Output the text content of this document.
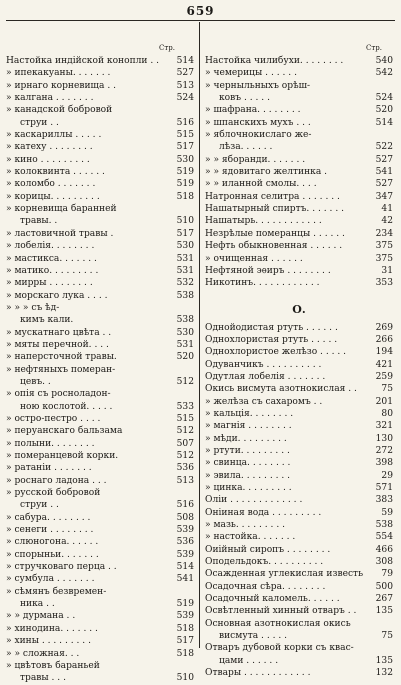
659
Стр.	Стр.
Настойка индійской конопли . .	514
» ипекакуаны. . . . . . .	527
» ирнаго корневища . .	513
» калгана . . . . . . .	524
» канадской бобровой
струи . .	516
» каскариллы . . . . .	515
» катеху . . . . . . . .	517
» кино . . . . . . . . .	530
» колоквинта . . . . . .	519
» коломбо . . . . . . .	519
» корицы. . . . . . . . .	518
» корневища баранней
травы. .	510
» ластовичной травы .	517
» лобелія. . . . . . . .	530
» мастикса. . . . . . .	531
» матико. . . . . . . . .	531
» мирры . . . . . . . .	532
» морскаго лука . . . .	538
» » » съ ѣд-
кимъ кали.	538
» мускатнаго цвѣта . .	530
» мяты перечной. . . .	531
» наперсточной травы.	520
» нефтяныхъ померан-
цевъ. .	512
» опія съ росноладон-
ною кослотой. . . . .	533
» остро-пестро . . . .	515
» перуанскаго бальзама	512
» полыни. . . . . . . .	507
» померанцевой корки.	512
» ратаніи . . . . . . .	536
» роснаго ладона . . .	513
» русской бобровой
струи . .	516
» сабура. . . . . . . .	508
» сенеги . . . . . . . .	539
» слюногона. . . . . .	536
» спорыньи. . . . . . .	539
» стручковаго перца . .	514
» сумбула . . . . . . .	541
» сѣмянъ безвремен-
ника . .	519
» » дурмана . .	539
» хинодина. . . . . . .	518
» хины . . . . . . . . .	517
» » сложная. . .	518
» цвѣтовъ бараньей
травы . . .	510
Настойка чилибухи. . . . . . . .	540
» чемерицы . . . . . .	542
» черныльныхъ орѣш-
ковъ . . . . .	524
» шафрана. . . . . . . .	520
» шпанскихъ мухъ . . .	514
» яблочнокислаго же-
лѣза. . . . . .	522
» » яборанди. . . . . . .	527
» » ядовитаго желтинка .	541
» » иланной смолы. . . .	527
Натронная селитра . . . . . . .	347
Нашатырный спиртъ. . . . . . .	41
Нашатырь. . . . . . . . . . . .	42
Незрѣлые померанцы . . . . . .	234
Нефть обыкновенная . . . . . .	375
» очищенная . . . . . .	375
Нефтяной эѳиръ . . . . . . . .	31
Никотинъ. . . . . . . . . . . .	353
О.
Однойодистая ртуть . . . . . .	269
Однохлористая ртуть . . . . .	266
Однохлористое желѣзо . . . . .	194
Одуванчикъ . . . . . . . . . .	421
Одутлая лобелія . . . . . . .	259
Окись висмута азотнокислая . .	75
» желѣза съ сахаромъ . .	201
» кальція. . . . . . . .	80
» магнія . . . . . . . .	321
» мѣди. . . . . . . . .	130
» ртути. . . . . . . . .	272
» свинца. . . . . . . .	398
» эвила. . . . . . . . .	29
» цинка. . . . . . . . .	571
Оліи . . . . . . . . . . . . .	383
Оніиная вода . . . . . . . . .	59
» мазь. . . . . . . . .	538
» настойка. . . . . . .	554
Оиійный сиропъ . . . . . . . .	466
Оподельдокъ. . . . . . . . . .	308
Осажденная углекислая известь	79
Осадочная сѣра. . . . . . . .	500
Осадочный каломель. . . . . .	267
Освѣтленный хинный отваръ . .	135
Основная азотнокислая окись
висмута . . . . .	75
Отваръ дубовой корки съ квас-
цами . . . . . .	135
Отвары . . . . . . . . . . . .	132
